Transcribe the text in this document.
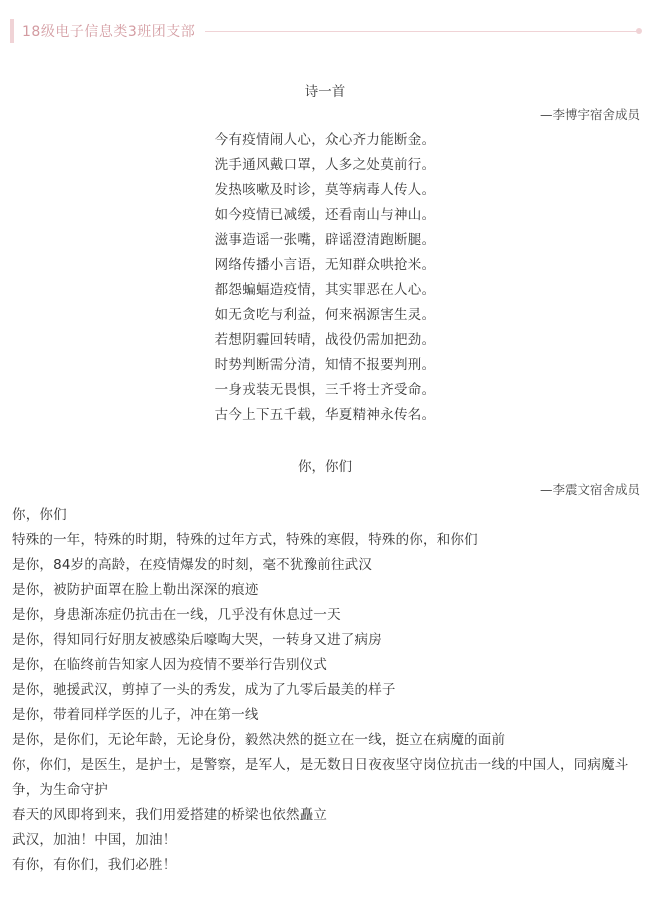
18级电子信息类3班团支部
诗一首
—李博宇宿舍成员
今有疫情闹人心，众心齐力能断金。
洗手通风戴口罩，人多之处莫前行。
发热咳嗽及时诊，莫等病毒人传人。
如今疫情已减缓，还看南山与神山。
滋事造谣一张嘴，辟谣澄清跑断腿。
网络传播小言语，无知群众哄抢米。
都怨蝙蝠造疫情，其实罪恶在人心。
如无贪吃与利益，何来祸源害生灵。
若想阴霾回转晴，战役仍需加把劲。
时势判断需分清，知情不报要判刑。
一身戎装无畏惧，三千将士齐受命。
古今上下五千载，华夏精神永传名。
你，你们
—李震文宿舍成员
你，你们
特殊的一年，特殊的时期，特殊的过年方式，特殊的寒假，特殊的你，和你们
是你，84岁的高龄，在疫情爆发的时刻，毫不犹豫前往武汉
是你，被防护面罩在脸上勒出深深的痕迹
是你，身患渐冻症仍抗击在一线，几乎没有休息过一天
是你，得知同行好朋友被感染后嚎啕大哭，一转身又进了病房
是你，在临终前告知家人因为疫情不要举行告别仪式
是你，驰援武汉，剪掉了一头的秀发，成为了九零后最美的样子
是你，带着同样学医的儿子，冲在第一线
是你，是你们，无论年龄，无论身份，毅然决然的挺立在一线，挺立在病魔的面前
你，你们，是医生，是护士，是警察，是军人，是无数日日夜夜坚守岗位抗击一线的中国人，同病魔斗争，为生命守护
春天的风即将到来，我们用爱搭建的桥梁也依然矗立
武汉，加油！中国，加油！
有你，有你们，我们必胜！
